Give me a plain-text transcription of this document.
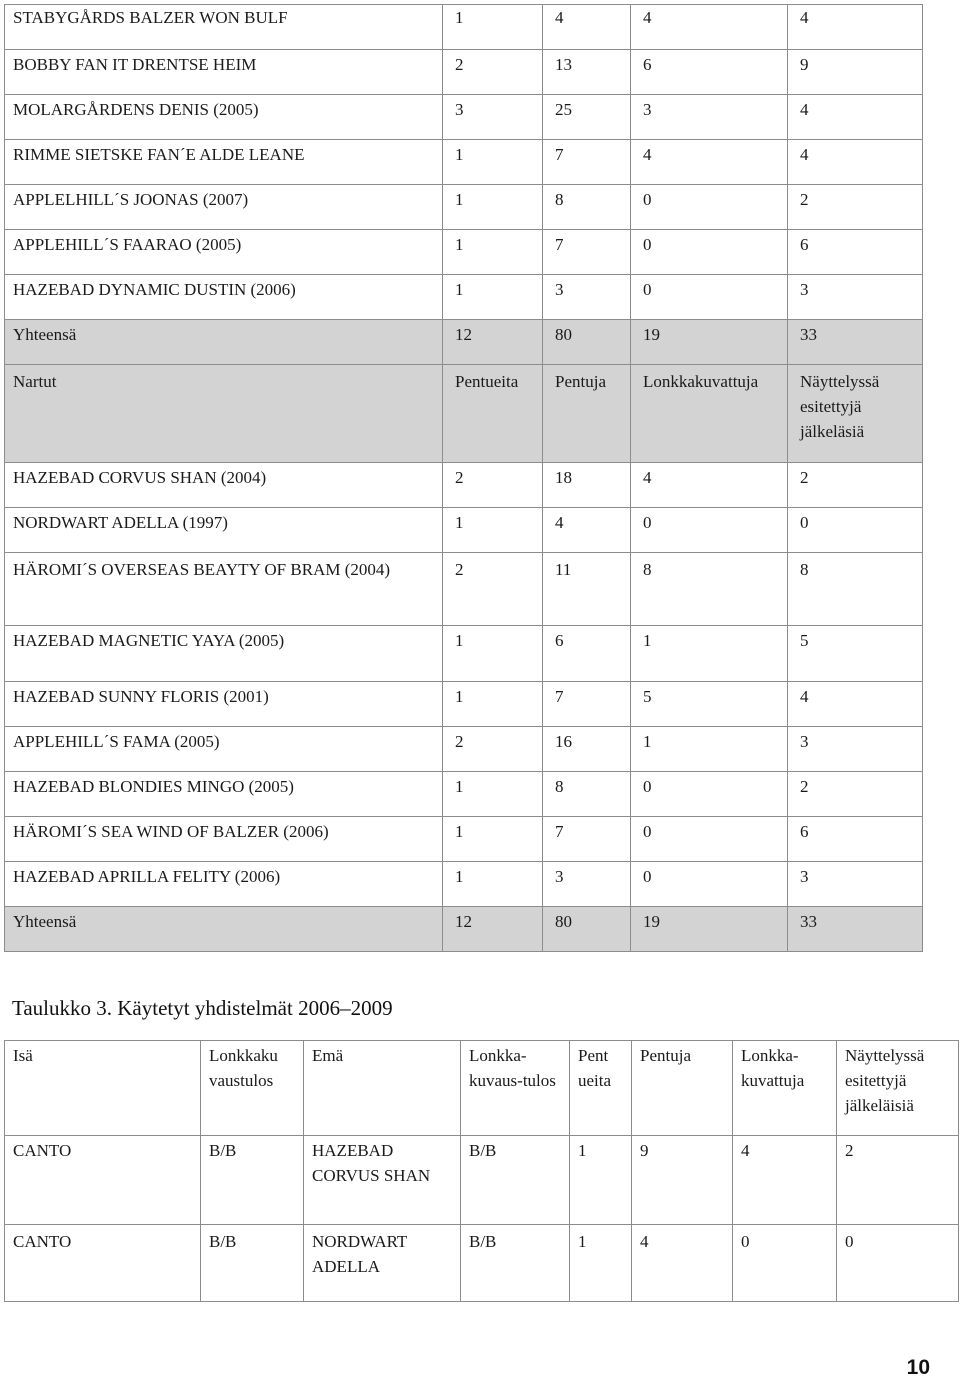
STABYGÅRDS BALZER WON BULF	1	4	4	4
BOBBY FAN IT DRENTSE HEIM	2	13	6	9
MOLARGÅRDENS DENIS (2005)	3	25	3	4
RIMME SIETSKE FAN´E ALDE LEANE	1	7	4	4
APPLELHILL´S JOONAS (2007)	1	8	0	2
APPLEHILL´S FAARAO (2005)	1	7	0	6
HAZEBAD DYNAMIC DUSTIN (2006)	1	3	0	3
Yhteensä	12	80	19	33
Nartut	Pentueita	Pentuja	Lonkkakuvattuja	Näyttelyssä esitettyjä jälkeläsiä
HAZEBAD CORVUS SHAN (2004)	2	18	4	2
NORDWART ADELLA (1997)	1	4	0	0
HÄROMI´S OVERSEAS BEAYTY OF BRAM (2004)	2	11	8	8
HAZEBAD MAGNETIC YAYA (2005)	1	6	1	5
HAZEBAD SUNNY FLORIS (2001)	1	7	5	4
APPLEHILL´S FAMA (2005)	2	16	1	3
HAZEBAD BLONDIES MINGO (2005)	1	8	0	2
HÄROMI´S SEA WIND OF BALZER (2006)	1	7	0	6
HAZEBAD APRILLA FELITY (2006)	1	3	0	3
Yhteensä	12	80	19	33
Taulukko 3. Käytetyt yhdistelmät 2006–2009
Isä	Lonkkaku vaustulos	Emä	Lonkka-kuvaus-tulos	Pent ueita	Pentuja	Lonkka-kuvattuja	Näyttelyssä esitettyjä jälkeläisiä
CANTO	B/B	HAZEBAD CORVUS SHAN	B/B	1	9	4	2
CANTO	B/B	NORDWART ADELLA	B/B	1	4	0	0
10
